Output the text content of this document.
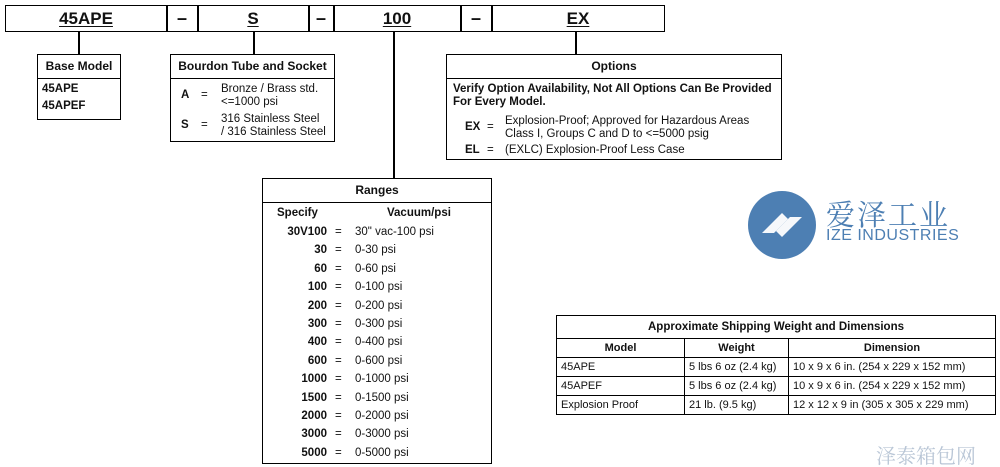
45APE	–	S	–	100	–	EX
Base Model
45APE
45APEF
Bourdon Tube and Socket
A = Bronze / Brass std.
<=1000 psi
S = 316 Stainless Steel
/ 316 Stainless Steel
Options
Verify Option Availability, Not All Options Can Be Provided
For Every Model.
EX = Explosion-Proof; Approved for Hazardous Areas
Class I, Groups C and D to <=5000 psig
EL = (EXLC) Explosion-Proof Less Case
Ranges
Specify	Vacuum/psi
30V100 = 30" vac-100 psi
30 = 0-30 psi
60 = 0-60 psi
100 = 0-100 psi
200 = 0-200 psi
300 = 0-300 psi
400 = 0-400 psi
600 = 0-600 psi
1000 = 0-1000 psi
1500 = 0-1500 psi
2000 = 0-2000 psi
3000 = 0-3000 psi
5000 = 0-5000 psi
爱泽工业
IZE INDUSTRIES
Approximate Shipping Weight and Dimensions		
Model	Weight	Dimension
45APE	5 lbs 6 oz (2.4 kg)	10 x 9 x 6 in. (254 x 229 x 152 mm)
45APEF	5 lbs 6 oz (2.4 kg)	10 x 9 x 6 in. (254 x 229 x 152 mm)
Explosion Proof	21 lb. (9.5 kg)	12 x 12 x 9 in (305 x 305 x 229 mm)
泽泰箱包网
